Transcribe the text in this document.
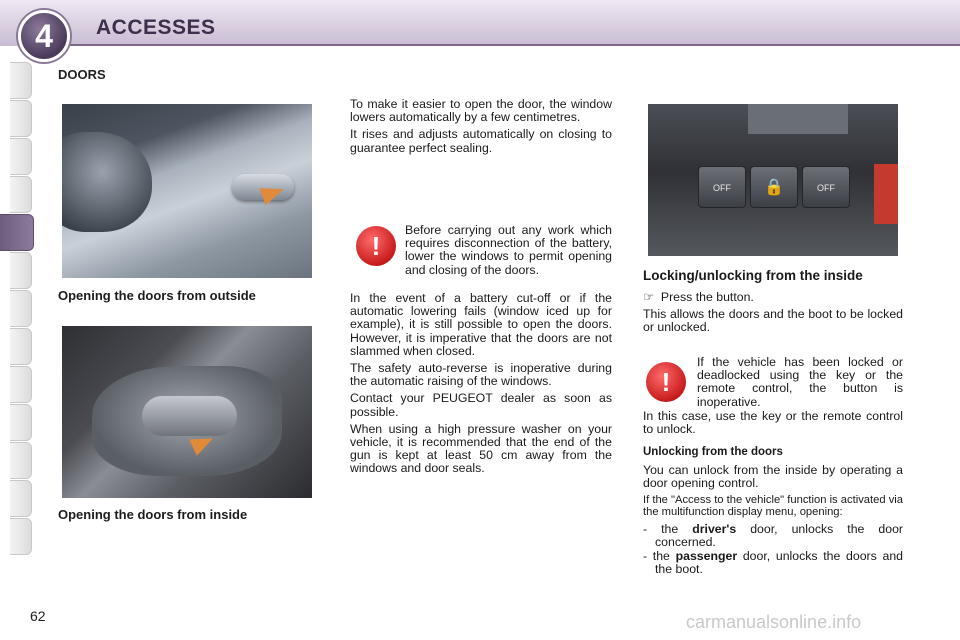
4	ACCESSES
DOORS
Opening the doors from outside
Opening the doors from inside

To make it easier to open the door, the window lowers automatically by a few centimetres.

It rises and adjusts automatically on closing to guarantee perfect sealing.

!

Before carrying out any work which requires disconnection of the battery, lower the windows to permit opening and closing of the doors.

In the event of a battery cut-off or if the automatic lowering fails (window iced up for example), it is still possible to open the doors. However, it is imperative that the doors are not slammed when closed.

The safety auto-reverse is inoperative during the automatic raising of the windows.

Contact your PEUGEOT dealer as soon as possible.

When using a high pressure washer on your vehicle, it is recommended that the end of the gun is kept at least 50 cm away from the windows and door seals.

OFF	🔒	OFF

Locking/unlocking from the inside

☞ Press the button.

This allows the doors and the boot to be locked or unlocked.

!

If the vehicle has been locked or deadlocked using the key or the remote control, the button is inoperative.

In this case, use the key or the remote control to unlock.

Unlocking from the doors

You can unlock from the inside by operating a door opening control.

If the "Access to the vehicle" function is activated via the multifunction display menu, opening:

- the driver's door, unlocks the door concerned.

- the passenger door, unlocks the doors and the boot.

62	carmanualsonline.info
